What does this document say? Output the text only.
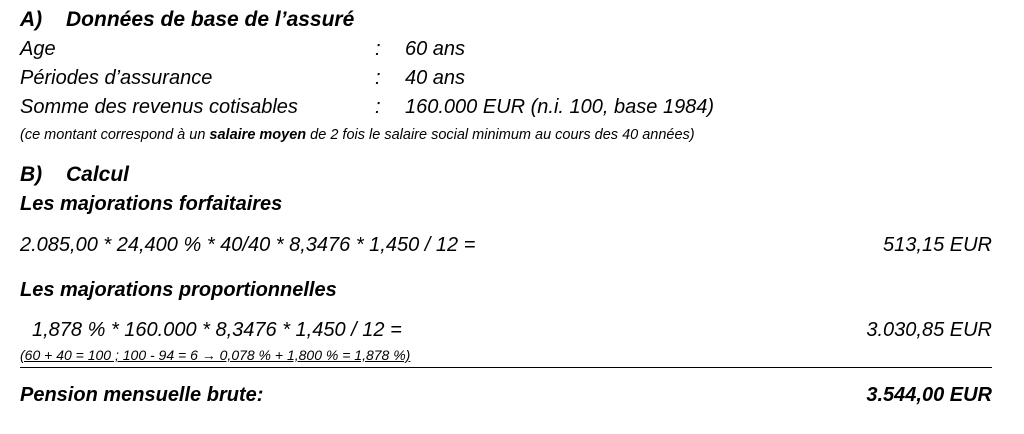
A) Données de base de l’assuré
Age	: 60 ans
Périodes d’assurance	: 40 ans
Somme des revenus cotisables	: 160.000 EUR (n.i. 100, base 1984)
(ce montant correspond à un salaire moyen de 2 fois le salaire social minimum au cours des 40 années)
B) Calcul
Les majorations forfaitaires
2.085,00 * 24,400 % * 40/40 * 8,3476 * 1,450 / 12 =	513,15 EUR
Les majorations proportionnelles
1,878 % * 160.000 * 8,3476 * 1,450 / 12 =	3.030,85 EUR
(60 + 40 = 100 ; 100 - 94 = 6 → 0,078 % + 1,800 % = 1,878 %)
Pension mensuelle brute:	3.544,00 EUR
